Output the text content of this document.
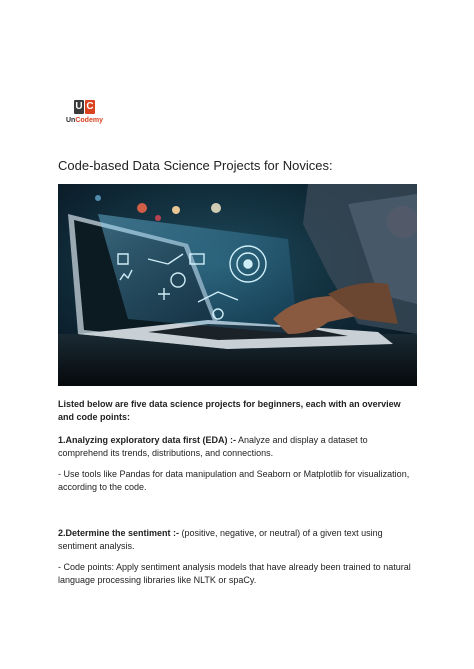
U C
UnCodemy
Code-based Data Science Projects for Novices:

Listed below are five data science projects for beginners, each with an overview and code points:

1.Analyzing exploratory data first (EDA) :- Analyze and display a dataset to comprehend its trends, distributions, and connections.

- Use tools like Pandas for data manipulation and Seaborn or Matplotlib for visualization, according to the code.

2.Determine the sentiment :- (positive, negative, or neutral) of a given text using sentiment analysis.

- Code points: Apply sentiment analysis models that have already been trained to natural language processing libraries like NLTK or spaCy.
